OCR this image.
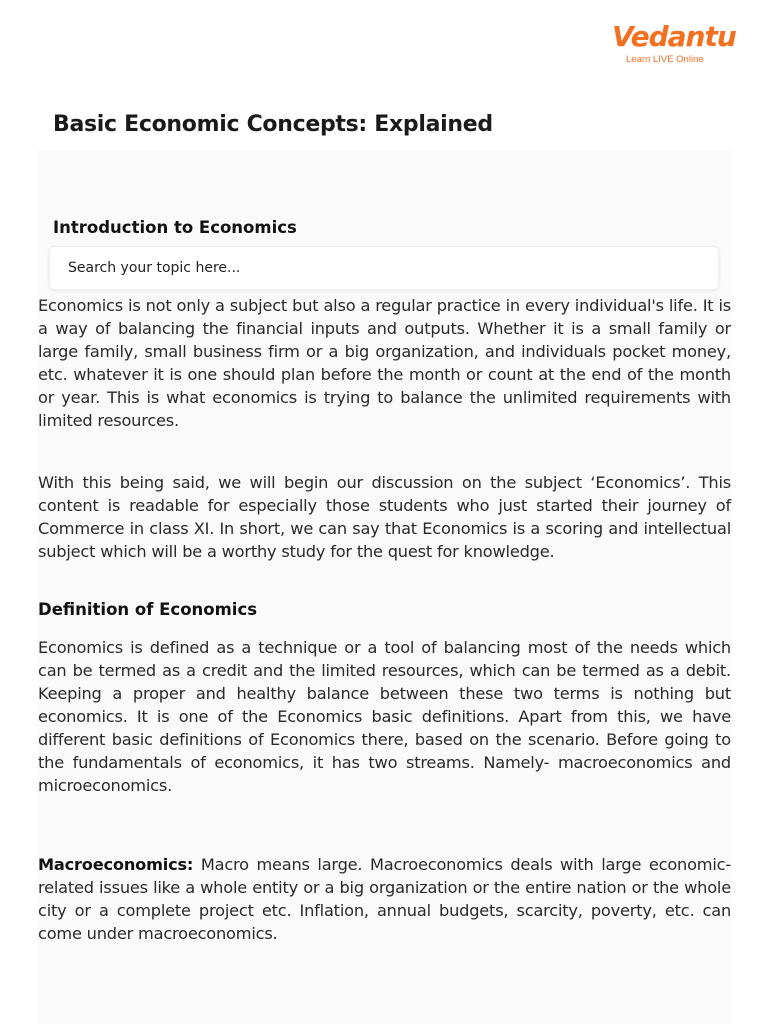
Vedantu
Learn LIVE Online
Basic Economic Concepts: Explained
Introduction to Economics

Economics is not only a subject but also a regular practice in every individual's life. It is a way of balancing the financial inputs and outputs. Whether it is a small family or large family, small business firm or a big organization, and individuals pocket money, etc. whatever it is one should plan before the month or count at the end of the month or year. This is what economics is trying to balance the unlimited requirements with limited resources.

Search your topic here...

With this being said, we will begin our discussion on the subject ‘Economics’. This content is readable for especially those students who just started their journey of Commerce in class XI. In short, we can say that Economics is a scoring and intellectual subject which will be a worthy study for the quest for knowledge.

Definition of Economics

Economics is defined as a technique or a tool of balancing most of the needs which can be termed as a credit and the limited resources, which can be termed as a debit. Keeping a proper and healthy balance between these two terms is nothing but economics. It is one of the Economics basic definitions. Apart from this, we have different basic definitions of Economics there, based on the scenario. Before going to the fundamentals of economics, it has two streams. Namely- macroeconomics and microeconomics.

Macroeconomics: Macro means large. Macroeconomics deals with large economic-related issues like a whole entity or a big organization or the entire nation or the whole city or a complete project etc. Inflation, annual budgets, scarcity, poverty, etc. can come under macroeconomics.
